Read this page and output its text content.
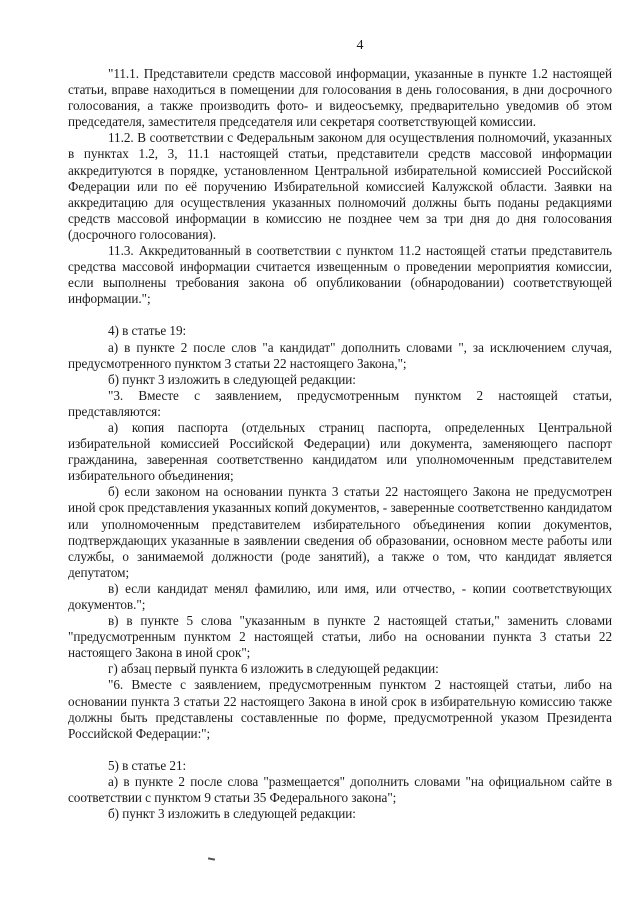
4

"11.1. Представители средств массовой информации, указанные в пункте 1.2 настоящей статьи, вправе находиться в помещении для голосования в день голосования, в дни досрочного голосования, а также производить фото- и видеосъемку, предварительно уведомив об этом председателя, заместителя председателя или секретаря соответствующей комиссии.

11.2. В соответствии с Федеральным законом для осуществления полномочий, указанных в пунктах 1.2, 3, 11.1 настоящей статьи, представители средств массовой информации аккредитуются в порядке, установленном Центральной избирательной комиссией Российской Федерации или по её поручению Избирательной комиссией Калужской области. Заявки на аккредитацию для осуществления указанных полномочий должны быть поданы редакциями средств массовой информации в комиссию не позднее чем за три дня до дня голосования (досрочного голосования).

11.3. Аккредитованный в соответствии с пунктом 11.2 настоящей статьи представитель средства массовой информации считается извещенным о проведении мероприятия комиссии, если выполнены требования закона об опубликовании (обнародовании) соответствующей информации.";

4) в статье 19:

а) в пункте 2 после слов "а кандидат" дополнить словами ", за исключением случая, предусмотренного пунктом 3 статьи 22 настоящего Закона,";

б) пункт 3 изложить в следующей редакции:

"3. Вместе с заявлением, предусмотренным пунктом 2 настоящей статьи, представляются:

а) копия паспорта (отдельных страниц паспорта, определенных Центральной избирательной комиссией Российской Федерации) или документа, заменяющего паспорт гражданина, заверенная соответственно кандидатом или уполномоченным представителем избирательного объединения;

б) если законом на основании пункта 3 статьи 22 настоящего Закона не предусмотрен иной срок представления указанных копий документов, - заверенные соответственно кандидатом или уполномоченным представителем избирательного объединения копии документов, подтверждающих указанные в заявлении сведения об образовании, основном месте работы или службы, о занимаемой должности (роде занятий), а также о том, что кандидат является депутатом;

в) если кандидат менял фамилию, или имя, или отчество, - копии соответствующих документов.";

в) в пункте 5 слова "указанным в пункте 2 настоящей статьи," заменить словами "предусмотренным пунктом 2 настоящей статьи, либо на основании пункта 3 статьи 22 настоящего Закона в иной срок";

г) абзац первый пункта 6 изложить в следующей редакции:

"6. Вместе с заявлением, предусмотренным пунктом 2 настоящей статьи, либо на основании пункта 3 статьи 22 настоящего Закона в иной срок в избирательную комиссию также должны быть представлены составленные по форме, предусмотренной указом Президента Российской Федерации:";

5) в статье 21:

а) в пункте 2 после слова "размещается" дополнить словами "на официальном сайте в соответствии с пунктом 9 статьи 35 Федерального закона";

б) пункт 3 изложить в следующей редакции:
